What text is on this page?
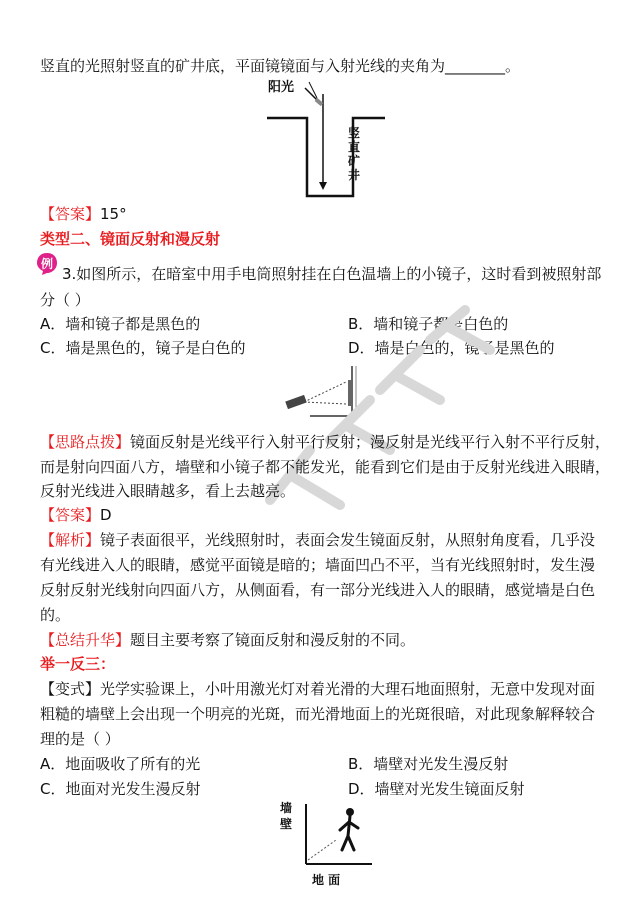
竖直的光照射竖直的矿井底，平面镜镜面与入射光线的夹角为________。
阳光
竖
直
矿
井
【答案】15°
类型二、镜面反射和漫反射
例
3.如图所示，在暗室中用手电筒照射挂在白色温墙上的小镜子，这时看到被照射部
分（ ）
A．墙和镜子都是黑色的	B．墙和镜子都是白色的
C．墙是黑色的，镜子是白色的	D．墙是白色的，镜子是黑色的
【思路点拨】镜面反射是光线平行入射平行反射；漫反射是光线平行入射不平行反射，
而是射向四面八方，墙壁和小镜子都不能发光，能看到它们是由于反射光线进入眼睛，
反射光线进入眼睛越多，看上去越亮。
【答案】D
【解析】镜子表面很平，光线照射时，表面会发生镜面反射，从照射角度看，几乎没
有光线进入人的眼睛，感觉平面镜是暗的；墙面凹凸不平，当有光线照射时，发生漫
反射反射光线射向四面八方，从侧面看，有一部分光线进入人的眼睛，感觉墙是白色
的。
【总结升华】题目主要考察了镜面反射和漫反射的不同。
举一反三：
【变式】光学实验课上，小叶用激光灯对着光滑的大理石地面照射，无意中发现对面
粗糙的墙壁上会出现一个明亮的光斑，而光滑地面上的光斑很暗，对此现象解释较合
理的是（ ）
A．地面吸收了所有的光	B．墙壁对光发生漫反射
C．地面对光发生漫反射	D．墙壁对光发生镜面反射
墙
壁
地 面
